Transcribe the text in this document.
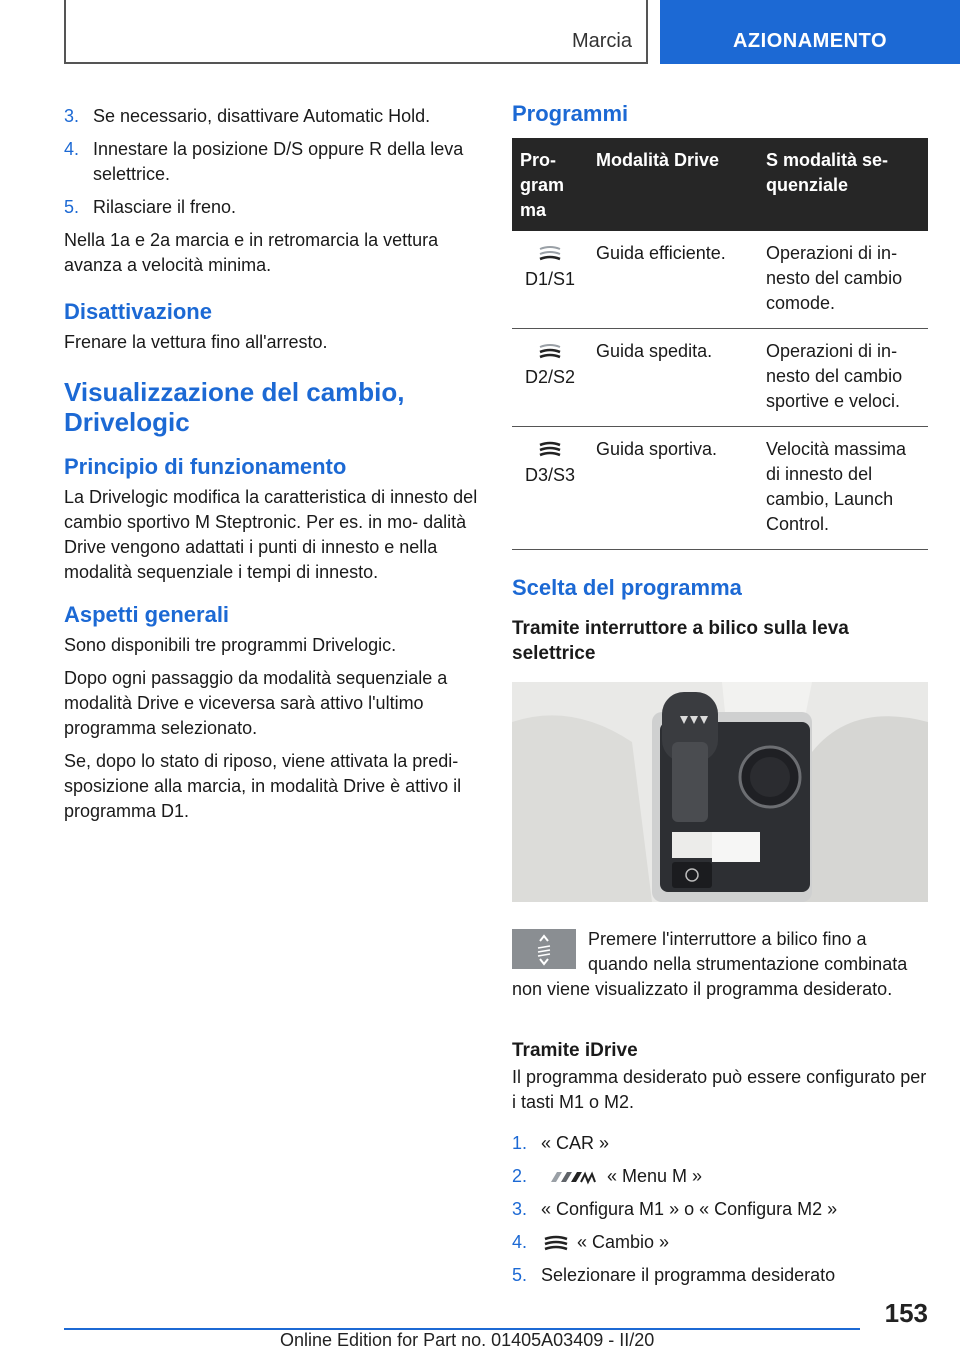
Marcia	AZIONAMENTO
3. Se necessario, disattivare Automatic Hold.
4. Innestare la posizione D/S oppure R della leva selettrice.
5. Rilasciare il freno.

Nella 1a e 2a marcia e in retromarcia la vettura avanza a velocità minima.

Disattivazione

Frenare la vettura fino all'arresto.

Visualizzazione del cambio, Drivelogic
Principio di funzionamento

La Drivelogic modifica la caratteristica di innesto del cambio sportivo M Steptronic. Per es. in mo‐ dalità Drive vengono adattati i punti di innesto e nella modalità sequenziale i tempi di innesto.

Aspetti generali

Sono disponibili tre programmi Drivelogic.

Dopo ogni passaggio da modalità sequenziale a modalità Drive e viceversa sarà attivo l'ultimo programma selezionato.

Se, dopo lo stato di riposo, viene attivata la predi‐ sposizione alla marcia, in modalità Drive è attivo il programma D1.

Programmi
Pro‐ gram ma	Modalità Drive	S modalità se‐ quenziale

D1/S1	Guida efficiente.	Operazioni di in‐ nesto del cambio comode.

D2/S2	Guida spedita.	Operazioni di in‐ nesto del cambio sportive e veloci.

D3/S3	Guida sportiva.	Velocità massima di innesto del cambio, Launch Control.
Scelta del programma
Tramite interruttore a bilico sulla leva selettrice

Premere l'interruttore a bilico fino a quando nella strumentazione combinata non viene visualizzato il programma desiderato.

Tramite iDrive

Il programma desiderato può essere configurato per i tasti M1 o M2.

1. « CAR »
2.	« Menu M »
3. « Configura M1 » o « Configura M2 »
4.	« Cambio »
5. Selezionare il programma desiderato
153
Online Edition for Part no. 01405A03409 - II/20
